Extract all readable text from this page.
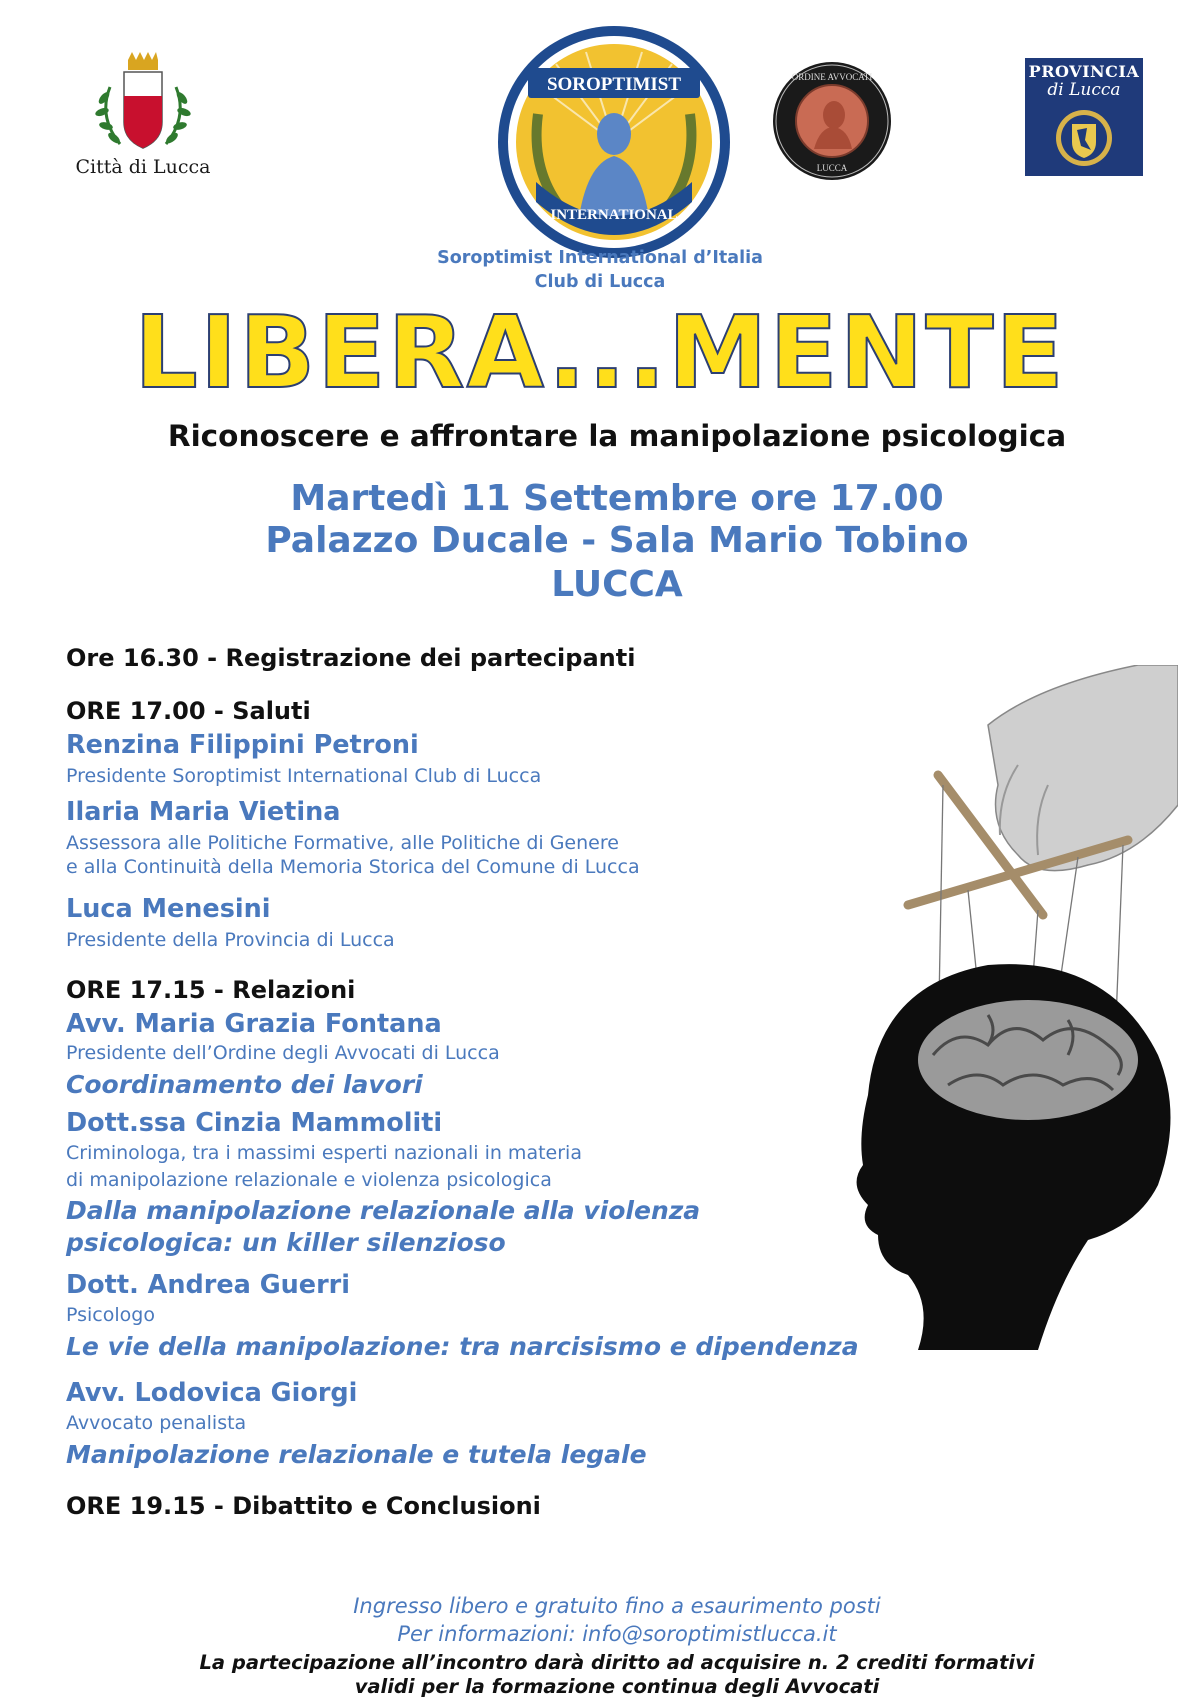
Città di Lucca
SOROPTIMIST
INTERNATIONAL
ORDINE AVVOCATI
LUCCA
PROVINCIA
di Lucca
Soroptimist International d’Italia
Club di Lucca
LIBERA...MENTE
Riconoscere e affrontare la manipolazione psicologica
Martedì 11 Settembre ore 17.00
Palazzo Ducale - Sala Mario Tobino
LUCCA
Ore 16.30 - Registrazione dei partecipanti
ORE 17.00 - Saluti
Renzina Filippini Petroni
Presidente Soroptimist International Club di Lucca
Ilaria Maria Vietina
Assessora alle Politiche Formative, alle Politiche di Genere
e alla Continuità della Memoria Storica del Comune di Lucca
Luca Menesini
Presidente della Provincia di Lucca
ORE 17.15 - Relazioni
Avv. Maria Grazia Fontana
Presidente dell’Ordine degli Avvocati di Lucca
Coordinamento dei lavori
Dott.ssa Cinzia Mammoliti
Criminologa, tra i massimi esperti nazionali in materia
di manipolazione relazionale e violenza psicologica
Dalla manipolazione relazionale alla violenza
psicologica: un killer silenzioso
Dott. Andrea Guerri
Psicologo
Le vie della manipolazione: tra narcisismo e dipendenza
Avv. Lodovica Giorgi
Avvocato penalista
Manipolazione relazionale e tutela legale
ORE 19.15 - Dibattito e Conclusioni
Ingresso libero e gratuito fino a esaurimento posti
Per informazioni: info@soroptimistlucca.it
La partecipazione all’incontro darà diritto ad acquisire n. 2 crediti formativi
validi per la formazione continua degli Avvocati
